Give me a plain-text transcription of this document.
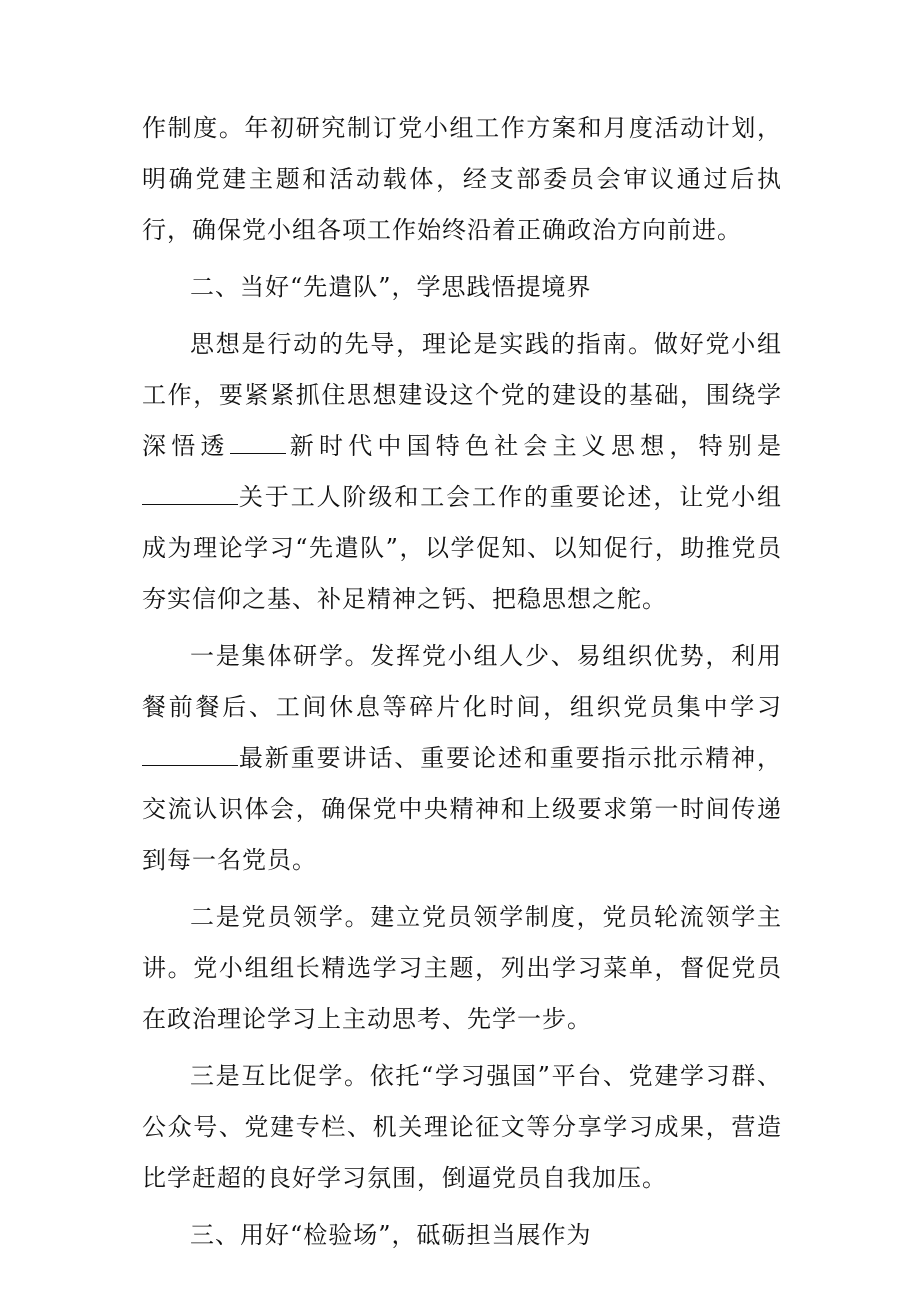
作制度。年初研究制订党小组工作方案和月度活动计划，明确党建主题和活动载体，经支部委员会审议通过后执行，确保党小组各项工作始终沿着正确政治方向前进。

二、当好“先遣队”，学思践悟提境界

思想是行动的先导，理论是实践的指南。做好党小组工作，要紧紧抓住思想建设这个党的建设的基础，围绕学深悟透 新时代中国特色社会主义思想，特别是关于工人阶级和工会工作的重要论述，让党小组成为理论学习“先遣队”，以学促知、以知促行，助推党员夯实信仰之基、补足精神之钙、把稳思想之舵。

一是集体研学。发挥党小组人少、易组织优势，利用餐前餐后、工间休息等碎片化时间，组织党员集中学习最新重要讲话、重要论述和重要指示批示精神，交流认识体会，确保党中央精神和上级要求第一时间传递到每一名党员。

二是党员领学。建立党员领学制度，党员轮流领学主讲。党小组组长精选学习主题，列出学习菜单，督促党员在政治理论学习上主动思考、先学一步。

三是互比促学。依托“学习强国”平台、党建学习群、公众号、党建专栏、机关理论征文等分享学习成果，营造比学赶超的良好学习氛围，倒逼党员自我加压。

三、用好“检验场”，砥砺担当展作为
